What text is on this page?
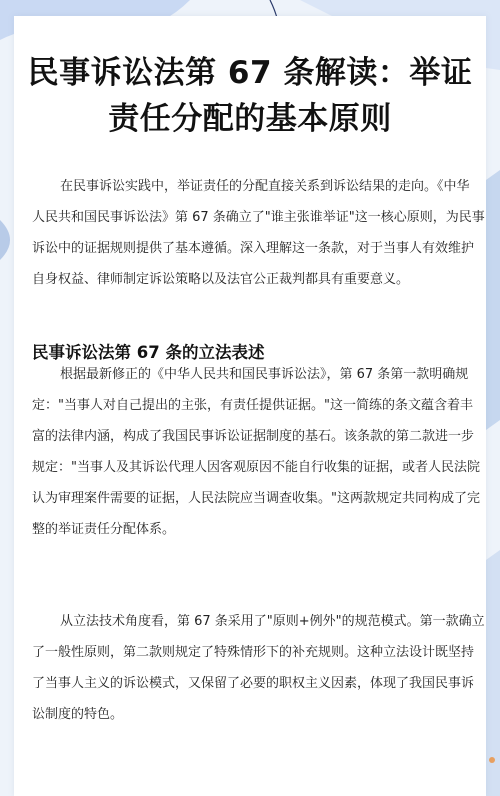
民事诉讼法第 67 条解读：举证
责任分配的基本原则
在民事诉讼实践中，举证责任的分配直接关系到诉讼结果的走向。《中华
人民共和国民事诉讼法》第 67 条确立了"谁主张谁举证"这一核心原则，为民事
诉讼中的证据规则提供了基本遵循。深入理解这一条款，对于当事人有效维护
自身权益、律师制定诉讼策略以及法官公正裁判都具有重要意义。
民事诉讼法第 67 条的立法表述
根据最新修正的《中华人民共和国民事诉讼法》，第 67 条第一款明确规
定："当事人对自己提出的主张，有责任提供证据。"这一简练的条文蕴含着丰
富的法律内涵，构成了我国民事诉讼证据制度的基石。该条款的第二款进一步
规定："当事人及其诉讼代理人因客观原因不能自行收集的证据，或者人民法院
认为审理案件需要的证据，人民法院应当调查收集。"这两款规定共同构成了完
整的举证责任分配体系。
从立法技术角度看，第 67 条采用了"原则+例外"的规范模式。第一款确立
了一般性原则，第二款则规定了特殊情形下的补充规则。这种立法设计既坚持
了当事人主义的诉讼模式，又保留了必要的职权主义因素，体现了我国民事诉
讼制度的特色。
